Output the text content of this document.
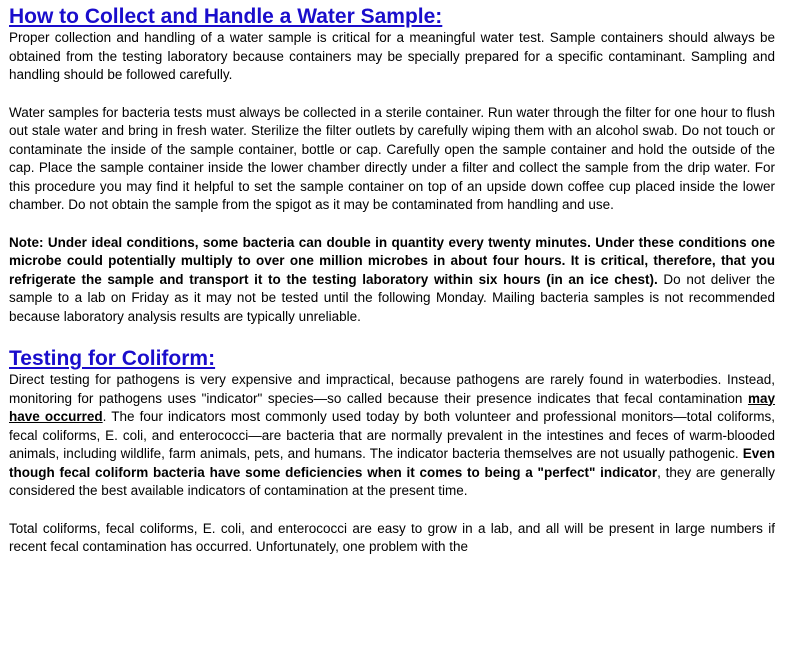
How to Collect and Handle a Water Sample:

Proper collection and handling of a water sample is critical for a meaningful water test. Sample containers should always be obtained from the testing laboratory because containers may be specially prepared for a specific contaminant. Sampling and handling should be followed carefully.

Water samples for bacteria tests must always be collected in a sterile container. Run water through the filter for one hour to flush out stale water and bring in fresh water. Sterilize the filter outlets by carefully wiping them with an alcohol swab. Do not touch or contaminate the inside of the sample container, bottle or cap. Carefully open the sample container and hold the outside of the cap. Place the sample container inside the lower chamber directly under a filter and collect the sample from the drip water. For this procedure you may find it helpful to set the sample container on top of an upside down coffee cup placed inside the lower chamber. Do not obtain the sample from the spigot as it may be contaminated from handling and use.

Note: Under ideal conditions, some bacteria can double in quantity every twenty minutes. Under these conditions one microbe could potentially multiply to over one million microbes in about four hours. It is critical, therefore, that you refrigerate the sample and transport it to the testing laboratory within six hours (in an ice chest). Do not deliver the sample to a lab on Friday as it may not be tested until the following Monday. Mailing bacteria samples is not recommended because laboratory analysis results are typically unreliable.

Testing for Coliform:

Direct testing for pathogens is very expensive and impractical, because pathogens are rarely found in waterbodies. Instead, monitoring for pathogens uses "indicator" species—so called because their presence indicates that fecal contamination may have occurred. The four indicators most commonly used today by both volunteer and professional monitors—total coliforms, fecal coliforms, E. coli, and enterococci—are bacteria that are normally prevalent in the intestines and feces of warm-blooded animals, including wildlife, farm animals, pets, and humans. The indicator bacteria themselves are not usually pathogenic. Even though fecal coliform bacteria have some deficiencies when it comes to being a "perfect" indicator, they are generally considered the best available indicators of contamination at the present time.

Total coliforms, fecal coliforms, E. coli, and enterococci are easy to grow in a lab, and all will be present in large numbers if recent fecal contamination has occurred. Unfortunately, one problem with the
